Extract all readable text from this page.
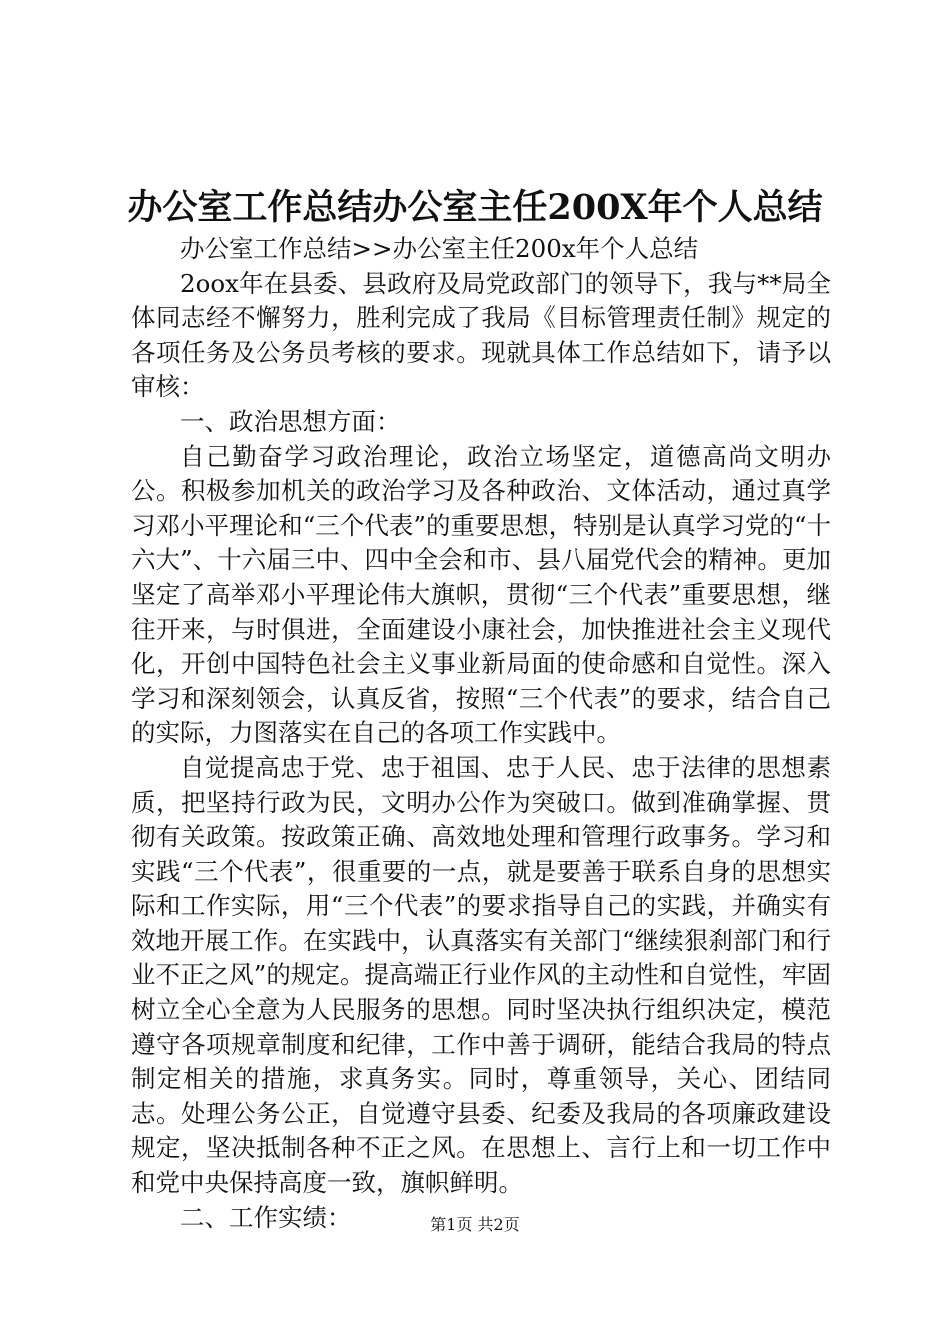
办公室工作总结办公室主任200X年个人总结

办公室工作总结>>办公室主任200x年个人总结

2oox年在县委、县政府及局党政部门的领导下，我与**局全体同志经不懈努力，胜利完成了我局《目标管理责任制》规定的各项任务及公务员考核的要求。现就具体工作总结如下，请予以审核：

一、政治思想方面：

自己勤奋学习政治理论，政治立场坚定，道德高尚文明办公。积极参加机关的政治学习及各种政治、文体活动，通过真学习邓小平理论和“三个代表”的重要思想，特别是认真学习党的“十六大”、十六届三中、四中全会和市、县八届党代会的精神。更加坚定了高举邓小平理论伟大旗帜，贯彻“三个代表”重要思想，继往开来，与时俱进，全面建设小康社会，加快推进社会主义现代化，开创中国特色社会主义事业新局面的使命感和自觉性。深入学习和深刻领会，认真反省，按照“三个代表”的要求，结合自己的实际，力图落实在自己的各项工作实践中。

自觉提高忠于党、忠于祖国、忠于人民、忠于法律的思想素质，把坚持行政为民，文明办公作为突破口。做到准确掌握、贯彻有关政策。按政策正确、高效地处理和管理行政事务。学习和实践“三个代表”，很重要的一点，就是要善于联系自身的思想实际和工作实际，用“三个代表”的要求指导自己的实践，并确实有效地开展工作。在实践中，认真落实有关部门“继续狠刹部门和行业不正之风”的规定。提高端正行业作风的主动性和自觉性，牢固树立全心全意为人民服务的思想。同时坚决执行组织决定，模范遵守各项规章制度和纪律，工作中善于调研，能结合我局的特点制定相关的措施，求真务实。同时，尊重领导，关心、团结同志。处理公务公正，自觉遵守县委、纪委及我局的各项廉政建设规定，坚决抵制各种不正之风。在思想上、言行上和一切工作中和党中央保持高度一致，旗帜鲜明。

二、工作实绩：	第1页 共2页
